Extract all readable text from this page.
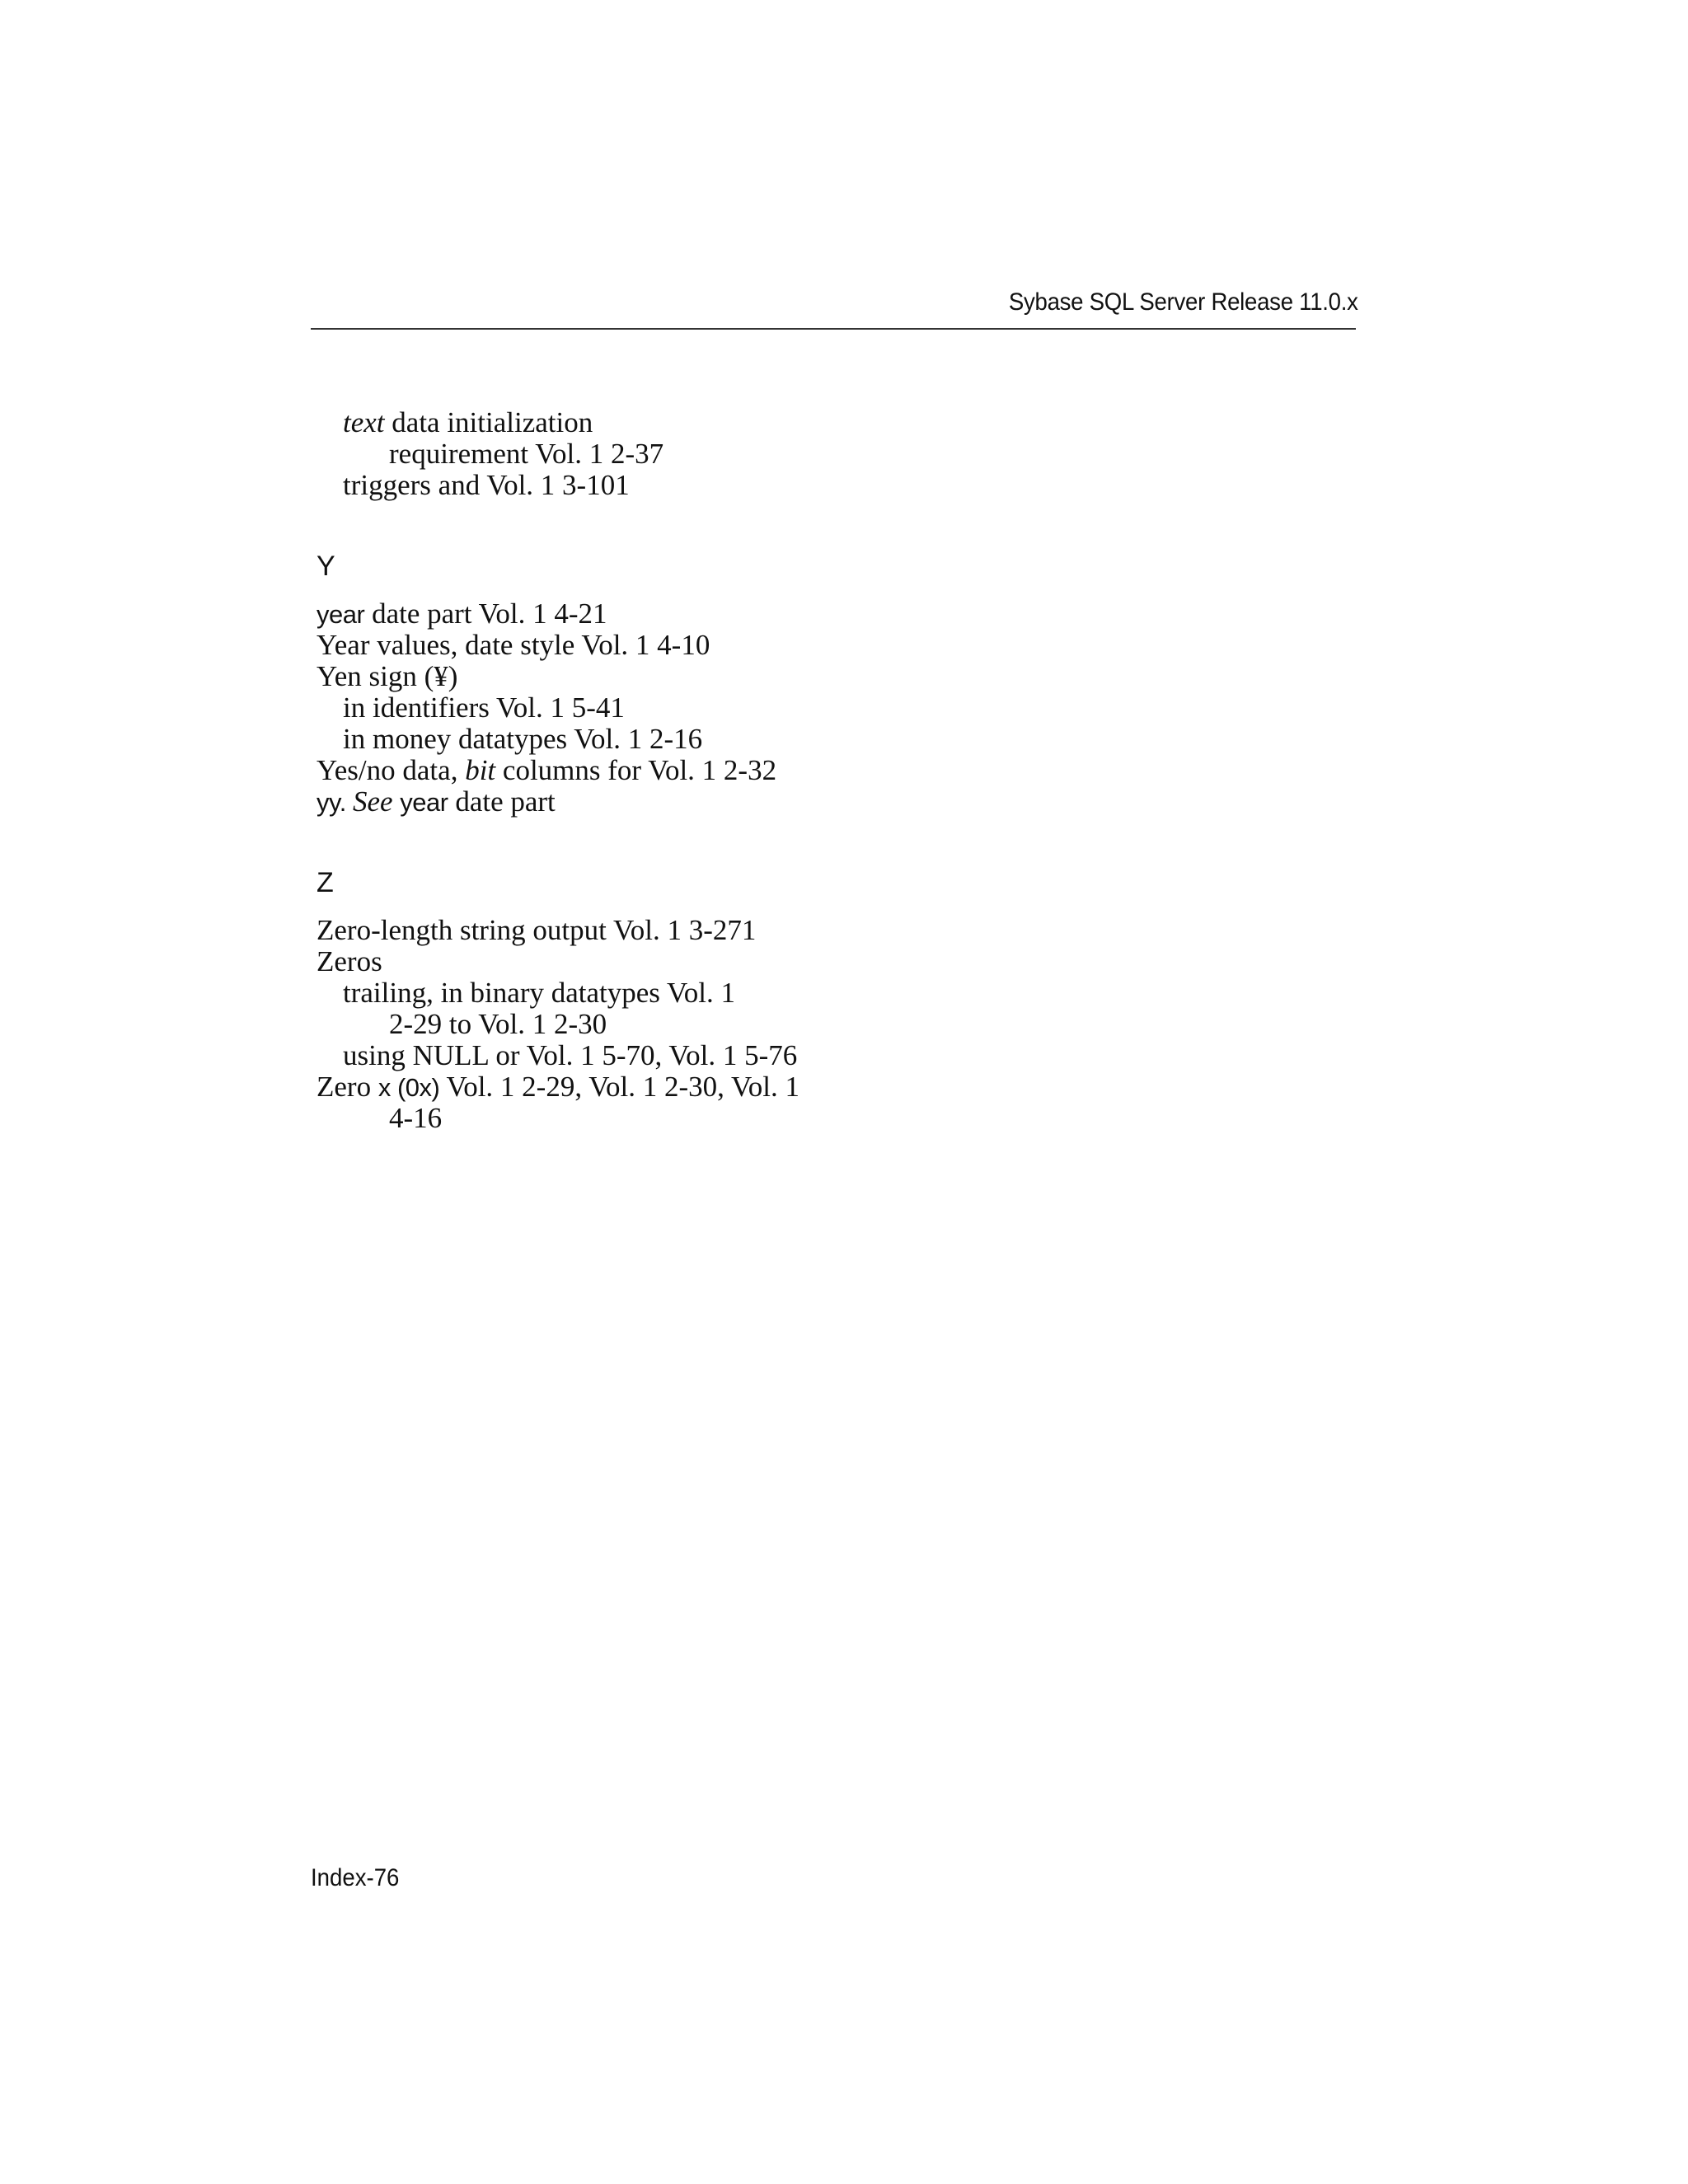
Sybase SQL Server Release 11.0.x
text data initialization
requirement Vol. 1 2-37
triggers and Vol. 1 3-101
Y
year date part Vol. 1 4-21
Year values, date style Vol. 1 4-10
Yen sign (¥)
in identifiers Vol. 1 5-41
in money datatypes Vol. 1 2-16
Yes/no data, bit columns for Vol. 1 2-32
yy. See year date part
Z
Zero-length string output Vol. 1 3-271
Zeros
trailing, in binary datatypes Vol. 1
2-29 to Vol. 1 2-30
using NULL or Vol. 1 5-70, Vol. 1 5-76
Zero x (0x) Vol. 1 2-29, Vol. 1 2-30, Vol. 1
4-16
Index-76
